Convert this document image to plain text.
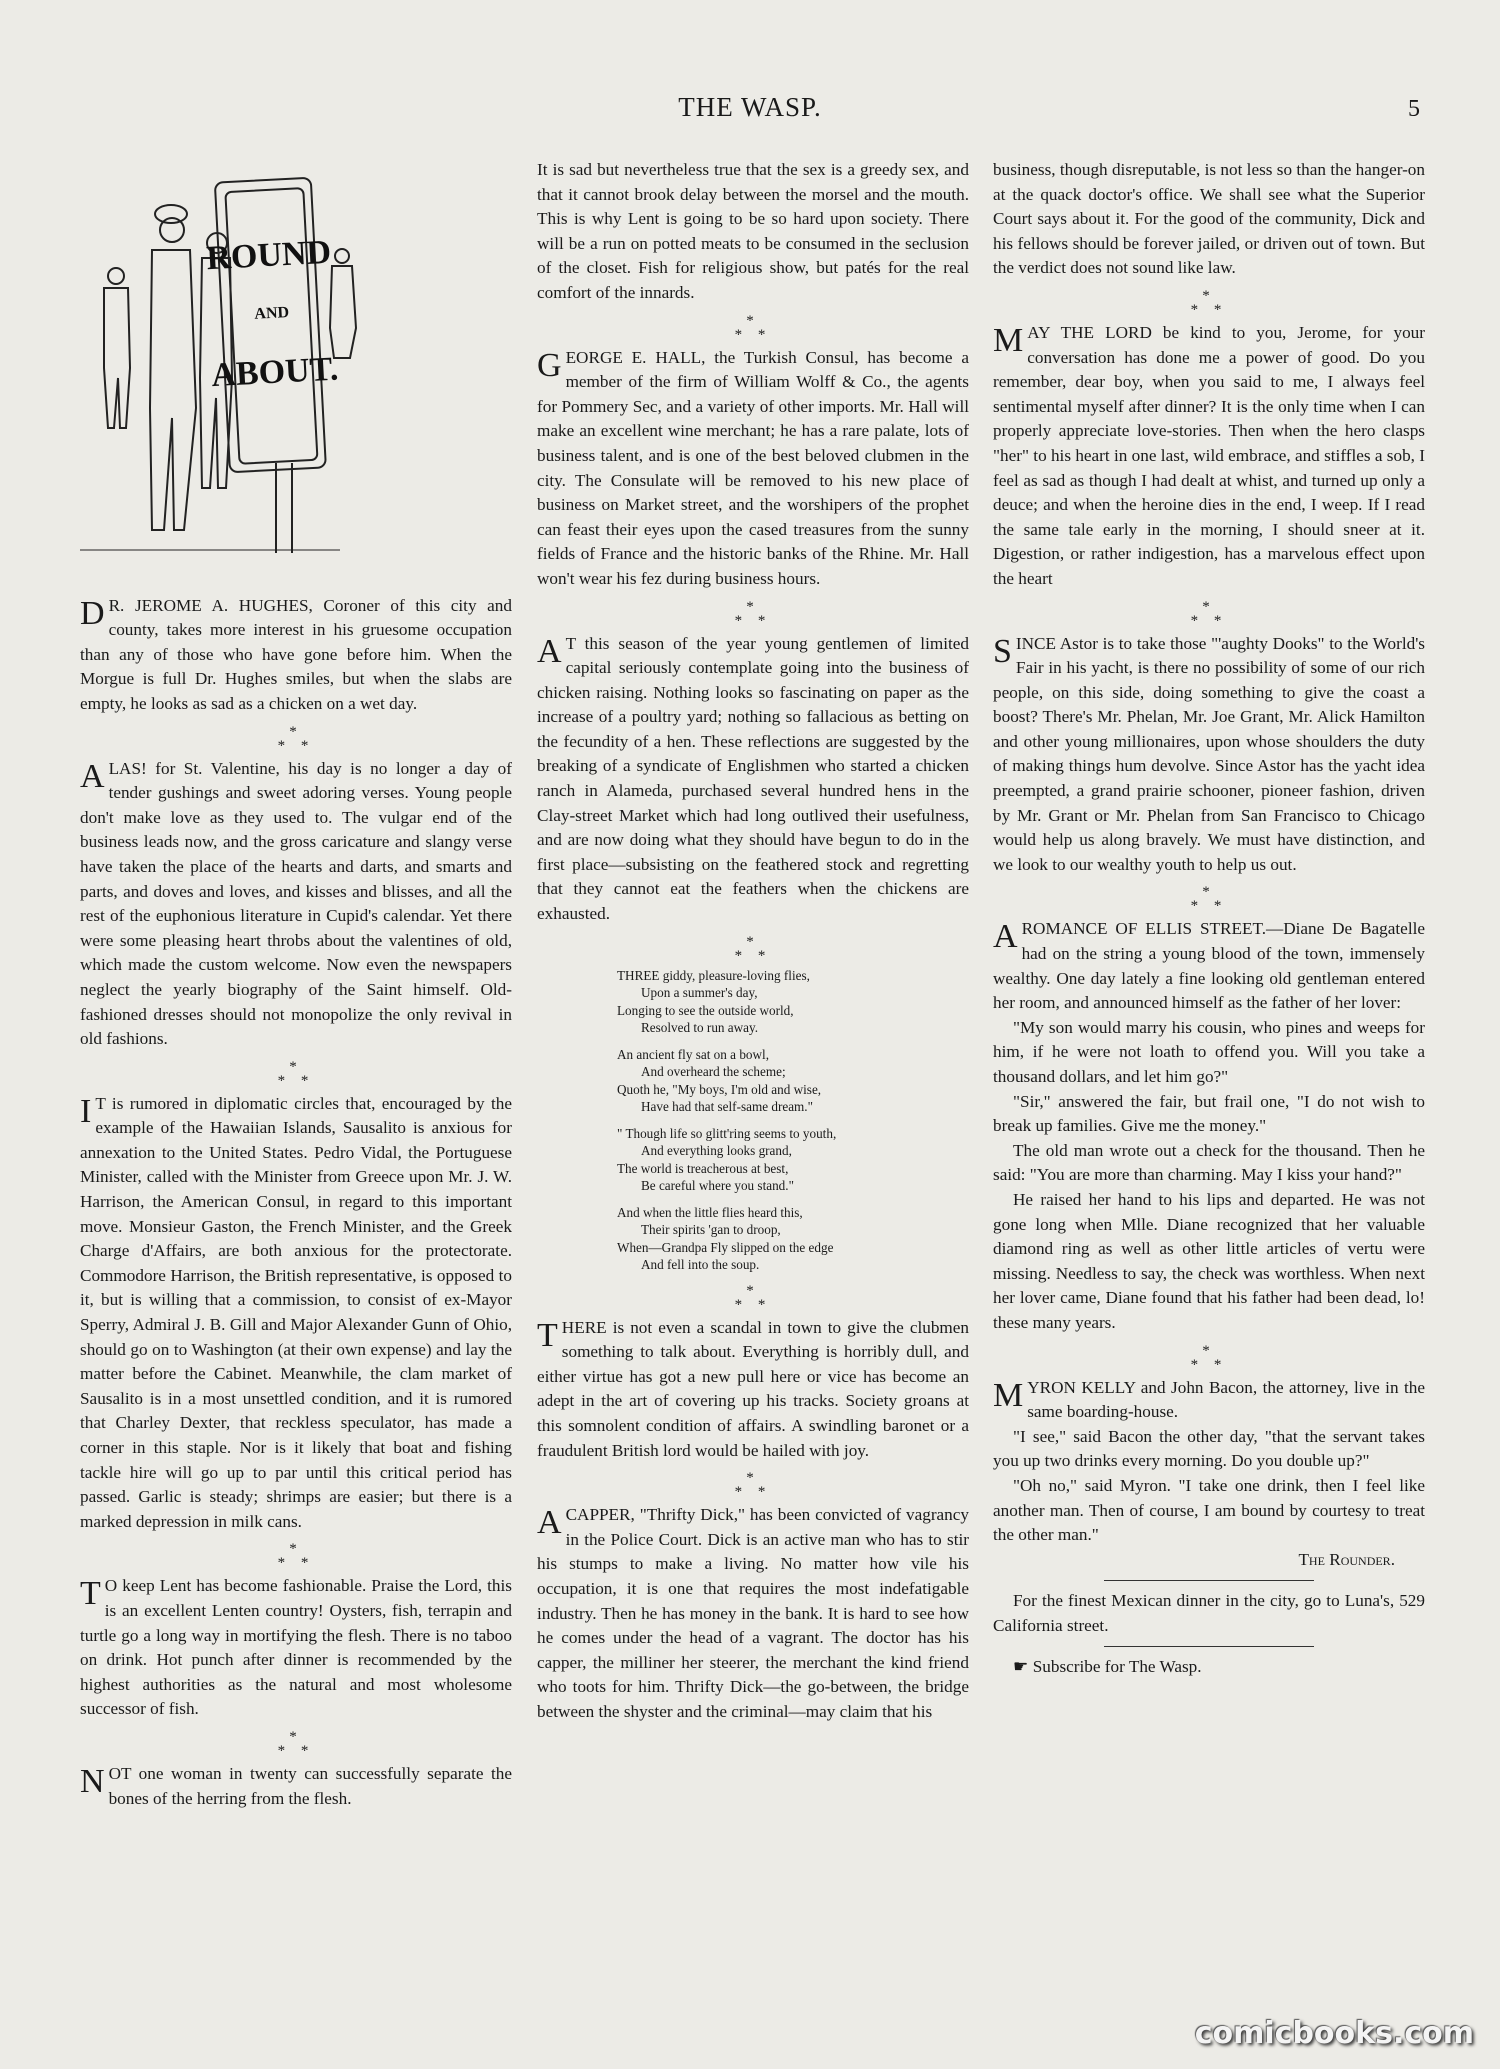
THE WASP.	5
ROUND
AND
ABOUT.

D R. JEROME A. HUGHES, Coroner of this city and county, takes more interest in his gruesome occupation than any of those who have gone before him. When the Morgue is full Dr. Hughes smiles, but when the slabs are empty, he looks as sad as a chicken on a wet day.

*
* *

ALAS! for St. Valentine, his day is no longer a day of tender gushings and sweet adoring verses. Young people don't make love as they used to. The vulgar end of the business leads now, and the gross caricature and slangy verse have taken the place of the hearts and darts, and smarts and parts, and doves and loves, and kisses and blisses, and all the rest of the euphonious literature in Cupid's calendar. Yet there were some pleasing heart throbs about the valentines of old, which made the custom welcome. Now even the newspapers neglect the yearly biography of the Saint himself. Old-fashioned dresses should not monopolize the only revival in old fashions.

*
* *

I T is rumored in diplomatic circles that, encouraged by the example of the Hawaiian Islands, Sausalito is anxious for annexation to the United States. Pedro Vidal, the Portuguese Minister, called with the Minister from Greece upon Mr. J. W. Harrison, the American Consul, in regard to this important move. Monsieur Gaston, the French Minister, and the Greek Charge d'Affairs, are both anxious for the protectorate. Commodore Harrison, the British representative, is opposed to it, but is willing that a commission, to consist of ex-Mayor Sperry, Admiral J. B. Gill and Major Alexander Gunn of Ohio, should go on to Washington (at their own expense) and lay the matter before the Cabinet. Meanwhile, the clam market of Sausalito is in a most unsettled condition, and it is rumored that Charley Dexter, that reckless speculator, has made a corner in this staple. Nor is it likely that boat and fishing tackle hire will go up to par until this critical period has passed. Garlic is steady; shrimps are easier; but there is a marked depression in milk cans.

*
* *

T O keep Lent has become fashionable. Praise the Lord, this is an excellent Lenten country! Oysters, fish, terrapin and turtle go a long way in mortifying the flesh. There is no taboo on drink. Hot punch after dinner is recommended by the highest authorities as the natural and most wholesome successor of fish.

*
* *

NOT one woman in twenty can successfully separate the bones of the herring from the flesh.

It is sad but nevertheless true that the sex is a greedy sex, and that it cannot brook delay between the morsel and the mouth. This is why Lent is going to be so hard upon society. There will be a run on potted meats to be consumed in the seclusion of the closet. Fish for religious show, but patés for the real comfort of the innards.

*
* *

GEORGE E. HALL, the Turkish Consul, has become a member of the firm of William Wolff & Co., the agents for Pommery Sec, and a variety of other imports. Mr. Hall will make an excellent wine merchant; he has a rare palate, lots of business talent, and is one of the best beloved clubmen in the city. The Consulate will be removed to his new place of business on Market street, and the worshipers of the prophet can feast their eyes upon the cased treasures from the sunny fields of France and the historic banks of the Rhine. Mr. Hall won't wear his fez during business hours.

*
* *

A T this season of the year young gentlemen of limited capital seriously contemplate going into the business of chicken raising. Nothing looks so fascinating on paper as the increase of a poultry yard; nothing so fallacious as betting on the fecundity of a hen. These reflections are suggested by the breaking of a syndicate of Englishmen who started a chicken ranch in Alameda, purchased several hundred hens in the Clay-street Market which had long outlived their usefulness, and are now doing what they should have begun to do in the first place—subsisting on the feathered stock and regretting that they cannot eat the feathers when the chickens are exhausted.

*
* *
THREE giddy, pleasure-loving flies,
Upon a summer's day,
Longing to see the outside world,
Resolved to run away.
An ancient fly sat on a bowl,
And overheard the scheme;
Quoth he, "My boys, I'm old and wise,
Have had that self-same dream."
" Though life so glitt'ring seems to youth,
And everything looks grand,
The world is treacherous at best,
Be careful where you stand."
And when the little flies heard this,
Their spirits 'gan to droop,
When—Grandpa Fly slipped on the edge
And fell into the soup.
*
* *

THERE is not even a scandal in town to give the clubmen something to talk about. Everything is horribly dull, and either virtue has got a new pull here or vice has become an adept in the art of covering up his tracks. Society groans at this somnolent condition of affairs. A swindling baronet or a fraudulent British lord would be hailed with joy.

*
* *

ACAPPER, "Thrifty Dick," has been convicted of vagrancy in the Police Court. Dick is an active man who has to stir his stumps to make a living. No matter how vile his occupation, it is one that requires the most indefatigable industry. Then he has money in the bank. It is hard to see how he comes under the head of a vagrant. The doctor has his capper, the milliner her steerer, the merchant the kind friend who toots for him. Thrifty Dick—the go-between, the bridge between the shyster and the criminal—may claim that his

business, though disreputable, is not less so than the hanger-on at the quack doctor's office. We shall see what the Superior Court says about it. For the good of the community, Dick and his fellows should be forever jailed, or driven out of town. But the verdict does not sound like law.

*
* *

MAY THE LORD be kind to you, Jerome, for your conversation has done me a power of good. Do you remember, dear boy, when you said to me, I always feel sentimental myself after dinner? It is the only time when I can properly appreciate love-stories. Then when the hero clasps "her" to his heart in one last, wild embrace, and stiffles a sob, I feel as sad as though I had dealt at whist, and turned up only a deuce; and when the heroine dies in the end, I weep. If I read the same tale early in the morning, I should sneer at it. Digestion, or rather indigestion, has a marvelous effect upon the heart

*
* *

SINCE Astor is to take those "'aughty Dooks" to the World's Fair in his yacht, is there no possibility of some of our rich people, on this side, doing something to give the coast a boost? There's Mr. Phelan, Mr. Joe Grant, Mr. Alick Hamilton and other young millionaires, upon whose shoulders the duty of making things hum devolve. Since Astor has the yacht idea preempted, a grand prairie schooner, pioneer fashion, driven by Mr. Grant or Mr. Phelan from San Francisco to Chicago would help us along bravely. We must have distinction, and we look to our wealthy youth to help us out.

*
* *

AROMANCE OF ELLIS STREET.—Diane De Bagatelle had on the string a young blood of the town, immensely wealthy. One day lately a fine looking old gentleman entered her room, and announced himself as the father of her lover:

"My son would marry his cousin, who pines and weeps for him, if he were not loath to offend you. Will you take a thousand dollars, and let him go?"

"Sir," answered the fair, but frail one, "I do not wish to break up families. Give me the money."

The old man wrote out a check for the thousand. Then he said: "You are more than charming. May I kiss your hand?"

He raised her hand to his lips and departed. He was not gone long when Mlle. Diane recognized that her valuable diamond ring as well as other little articles of vertu were missing. Needless to say, the check was worthless. When next her lover came, Diane found that his father had been dead, lo! these many years.

*
* *

MYRON KELLY and John Bacon, the attorney, live in the same boarding-house.

"I see," said Bacon the other day, "that the servant takes you up two drinks every morning. Do you double up?"

"Oh no," said Myron. "I take one drink, then I feel like another man. Then of course, I am bound by courtesy to treat the other man."

The Rounder.

For the finest Mexican dinner in the city, go to Luna's, 529 California street.

☛ Subscribe for The Wasp.

comicbooks.com
